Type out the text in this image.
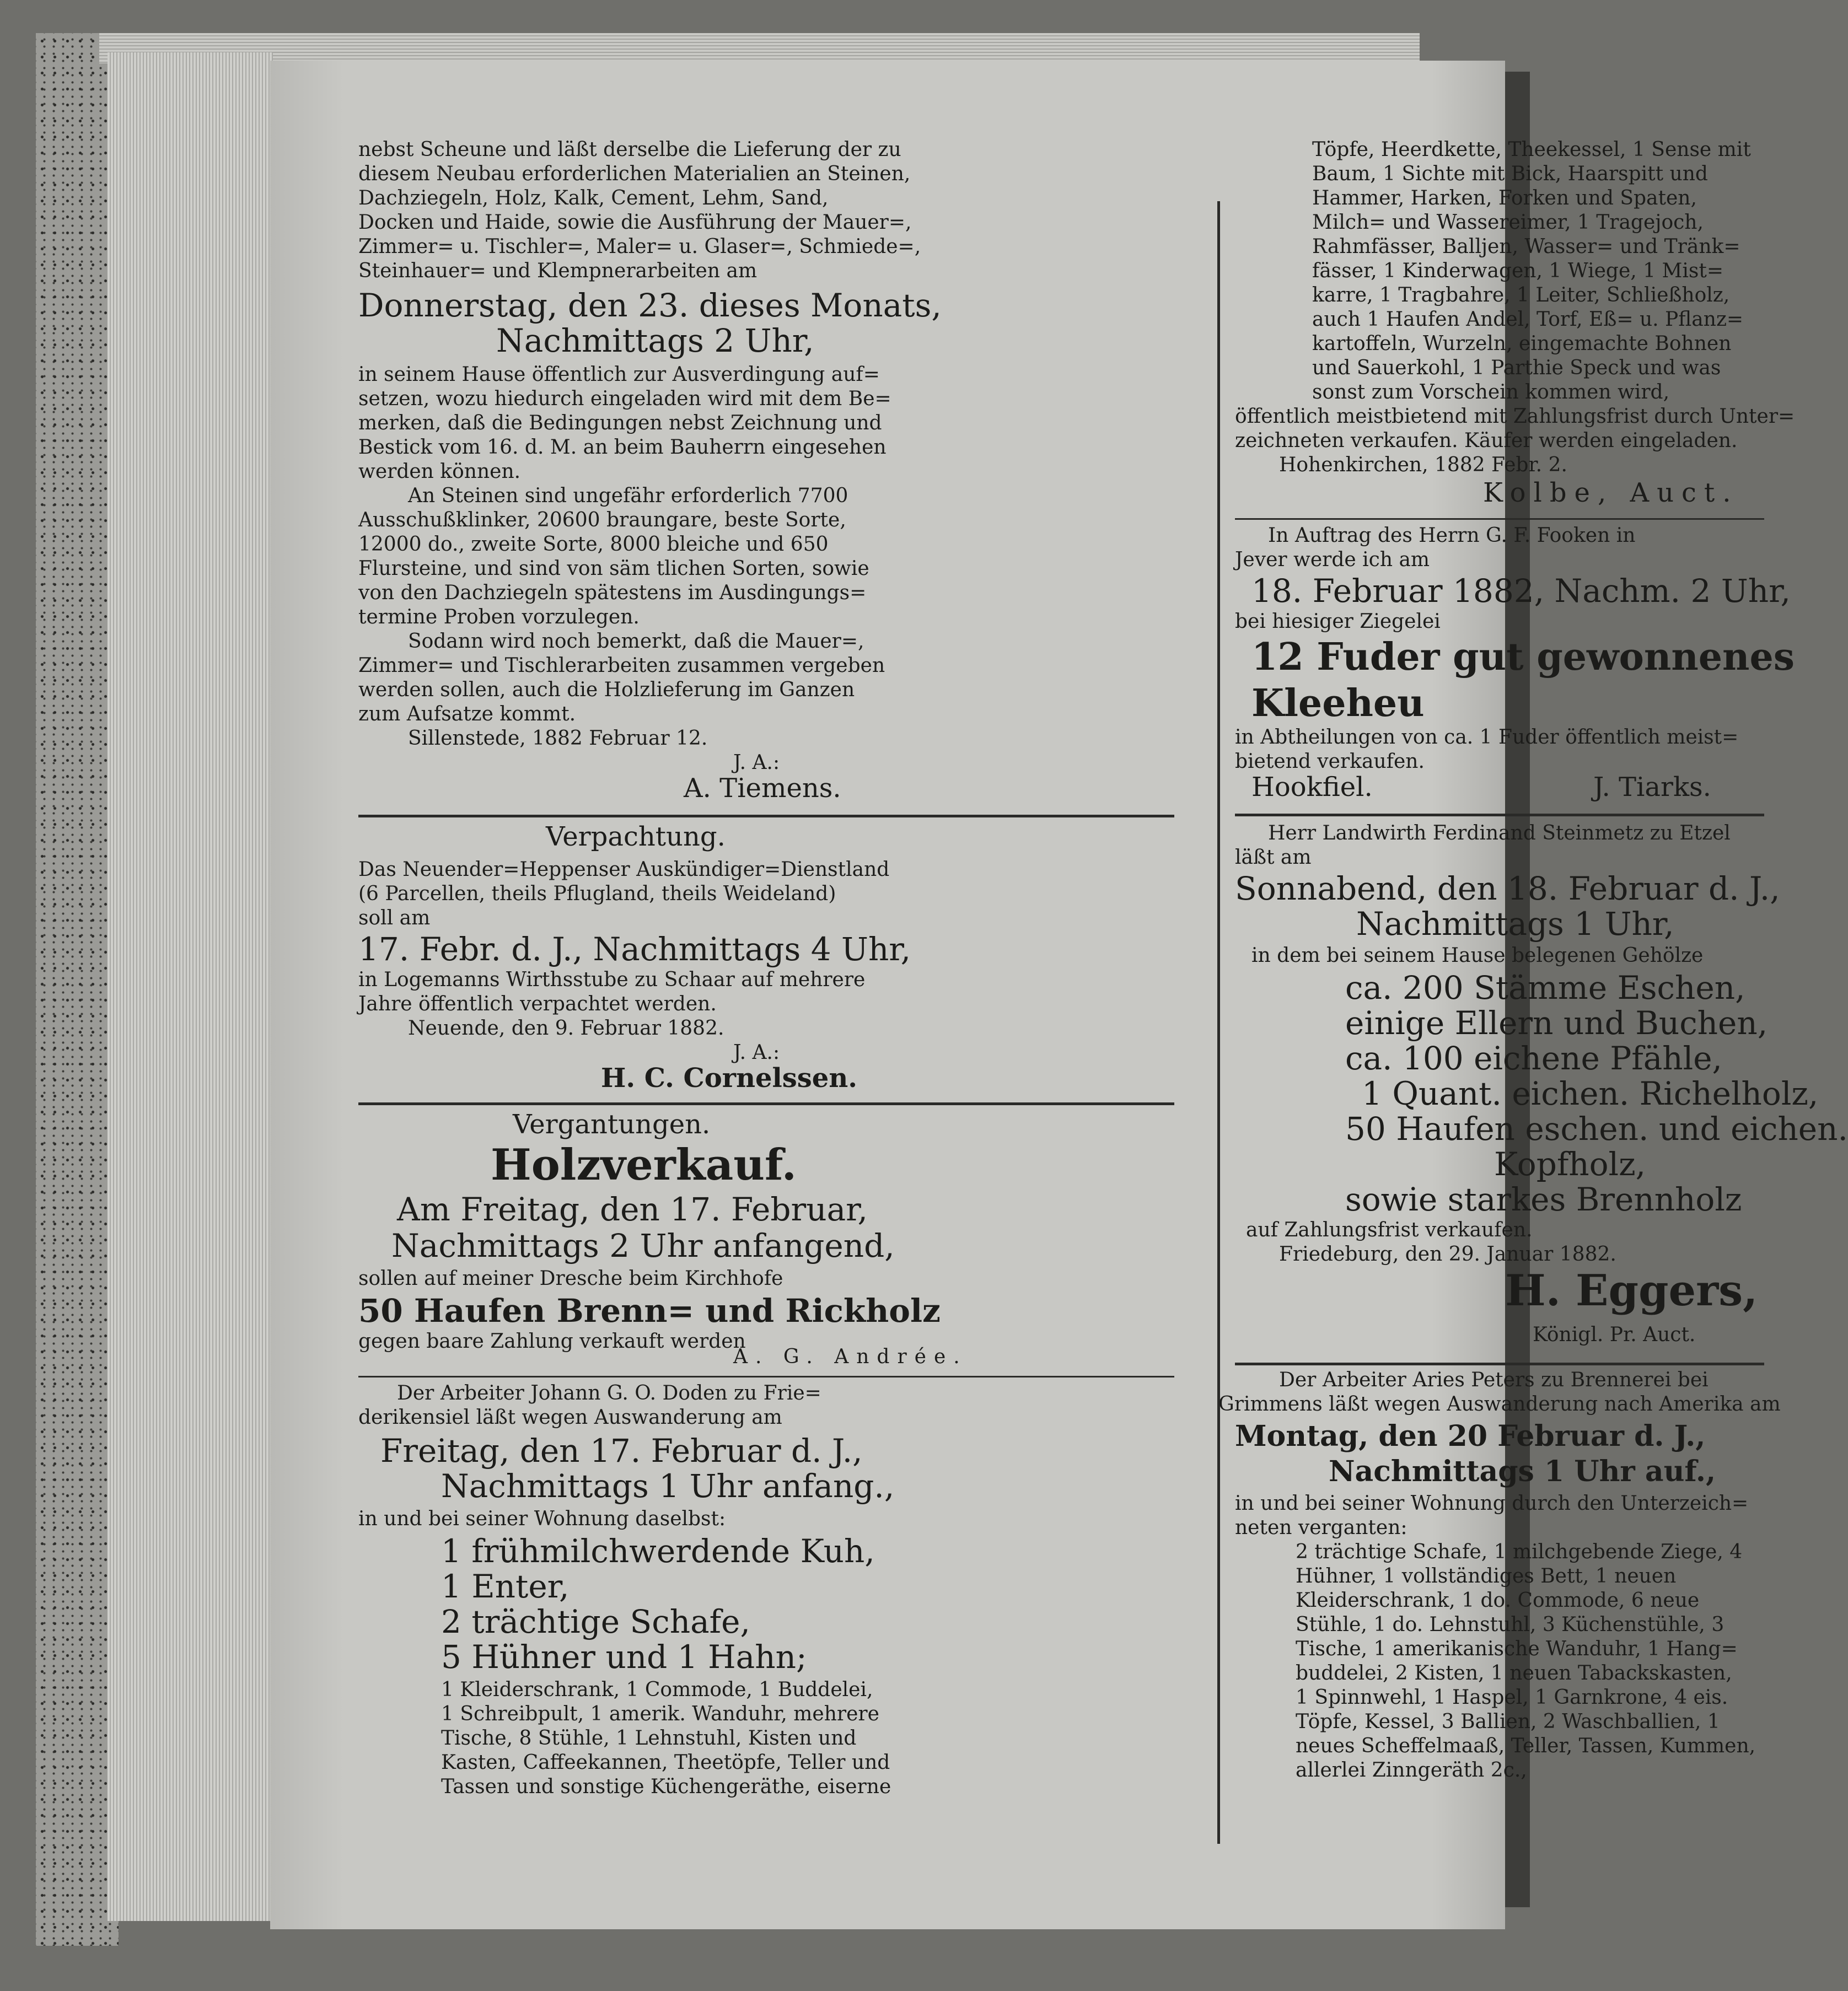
nebst Scheune und läßt derselbe die Lieferung der zu
diesem Neubau erforderlichen Materialien an Steinen,
Dachziegeln, Holz, Kalk, Cement, Lehm, Sand,
Docken und Haide, sowie die Ausführung der Mauer=,
Zimmer= u. Tischler=, Maler= u. Glaser=, Schmiede=,
Steinhauer= und Klempnerarbeiten am
Donnerstag, den 23. dieses Monats,
Nachmittags 2 Uhr,
in seinem Hause öffentlich zur Ausverdingung auf=
setzen, wozu hiedurch eingeladen wird mit dem Be=
merken, daß die Bedingungen nebst Zeichnung und
Bestick vom 16. d. M. an beim Bauherrn eingesehen
werden können.
An Steinen sind ungefähr erforderlich 7700
Ausschußklinker, 20600 braungare, beste Sorte,
12000 do., zweite Sorte, 8000 bleiche und 650
Flursteine, und sind von säm tlichen Sorten, sowie
von den Dachziegeln spätestens im Ausdingungs=
termine Proben vorzulegen.
Sodann wird noch bemerkt, daß die Mauer=,
Zimmer= und Tischlerarbeiten zusammen vergeben
werden sollen, auch die Holzlieferung im Ganzen
zum Aufsatze kommt.
Sillenstede, 1882 Februar 12.
J. A.:
A. Tiemens.
Verpachtung.
Das Neuender=Heppenser Auskündiger=Dienstland
(6 Parcellen, theils Pflugland, theils Weideland)
soll am
17. Febr. d. J., Nachmittags 4 Uhr,
in Logemanns Wirthsstube zu Schaar auf mehrere
Jahre öffentlich verpachtet werden.
Neuende, den 9. Februar 1882.
J. A.:
H. C. Cornelssen.
Vergantungen.
Holzverkauf.
Am Freitag, den 17. Februar,
Nachmittags 2 Uhr anfangend,
sollen auf meiner Dresche beim Kirchhofe
50 Haufen Brenn= und Rickholz
gegen baare Zahlung verkauft werden
A. G. Andrée.
Der Arbeiter Johann G. O. Doden zu Frie=
derikensiel läßt wegen Auswanderung am
Freitag, den 17. Februar d. J.,
Nachmittags 1 Uhr anfang.,
in und bei seiner Wohnung daselbst:
1 frühmilchwerdende Kuh,
1 Enter,
2 trächtige Schafe,
5 Hühner und 1 Hahn;
1 Kleiderschrank, 1 Commode, 1 Buddelei,
1 Schreibpult, 1 amerik. Wanduhr, mehrere
Tische, 8 Stühle, 1 Lehnstuhl, Kisten und
Kasten, Caffeekannen, Theetöpfe, Teller und
Tassen und sonstige Küchengeräthe, eiserne
Töpfe, Heerdkette, Theekessel, 1 Sense mit
Baum, 1 Sichte mit Bick, Haarspitt und
Hammer, Harken, Forken und Spaten,
Milch= und Wassereimer, 1 Tragejoch,
Rahmfässer, Balljen, Wasser= und Tränk=
fässer, 1 Kinderwagen, 1 Wiege, 1 Mist=
karre, 1 Tragbahre, 1 Leiter, Schließholz,
auch 1 Haufen Andel, Torf, Eß= u. Pflanz=
kartoffeln, Wurzeln, eingemachte Bohnen
und Sauerkohl, 1 Parthie Speck und was
sonst zum Vorschein kommen wird,
öffentlich meistbietend mit Zahlungsfrist durch Unter=
zeichneten verkaufen. Käufer werden eingeladen.
Hohenkirchen, 1882 Febr. 2.
Kolbe, Auct.
In Auftrag des Herrn G. F. Fooken in
Jever werde ich am
18. Februar 1882, Nachm. 2 Uhr,
bei hiesiger Ziegelei
12 Fuder gut gewonnenes
Kleeheu
in Abtheilungen von ca. 1 Fuder öffentlich meist=
bietend verkaufen.
Hookfiel.	J. Tiarks.
Herr Landwirth Ferdinand Steinmetz zu Etzel
läßt am
Sonnabend, den 18. Februar d. J.,
Nachmittags 1 Uhr,
in dem bei seinem Hause belegenen Gehölze
ca. 200 Stämme Eschen,
einige Ellern und Buchen,
ca. 100 eichene Pfähle,
1 Quant. eichen. Richelholz,
50 Haufen eschen. und eichen.
Kopfholz,
sowie starkes Brennholz
auf Zahlungsfrist verkaufen.
Friedeburg, den 29. Januar 1882.
H. Eggers,
Königl. Pr. Auct.
Der Arbeiter Aries Peters zu Brennerei bei
Grimmens läßt wegen Auswanderung nach Amerika am
Montag, den 20 Februar d. J.,
Nachmittags 1 Uhr auf.,
in und bei seiner Wohnung durch den Unterzeich=
neten verganten:
2 trächtige Schafe, 1 milchgebende Ziege, 4
Hühner, 1 vollständiges Bett, 1 neuen
Kleiderschrank, 1 do. Commode, 6 neue
Stühle, 1 do. Lehnstuhl, 3 Küchenstühle, 3
Tische, 1 amerikanische Wanduhr, 1 Hang=
buddelei, 2 Kisten, 1 neuen Tabackskasten,
1 Spinnwehl, 1 Haspel, 1 Garnkrone, 4 eis.
Töpfe, Kessel, 3 Ballien, 2 Waschballien, 1
neues Scheffelmaaß, Teller, Tassen, Kummen,
allerlei Zinngeräth 2c.,
